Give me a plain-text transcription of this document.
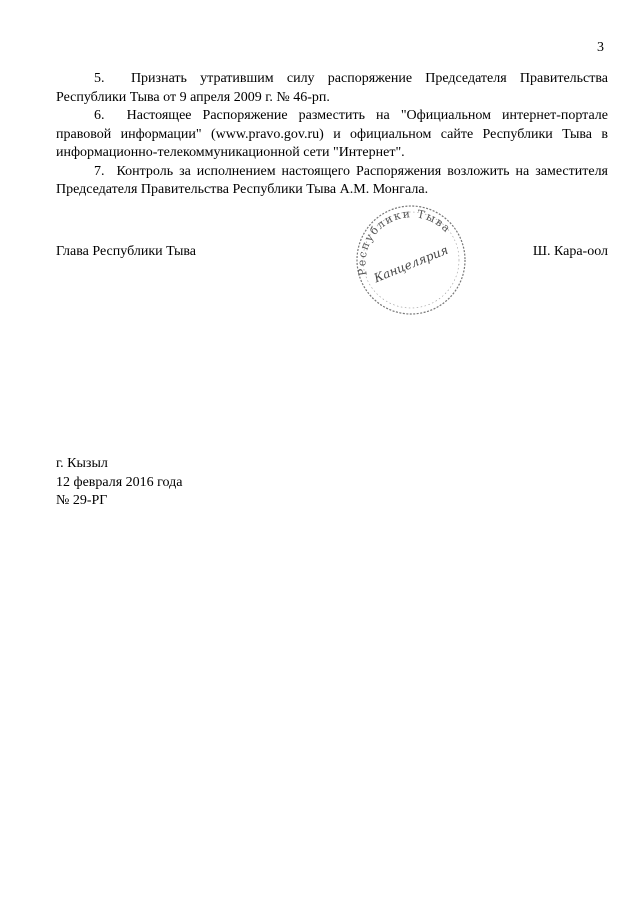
3

5.  Признать утратившим силу распоряжение Председателя Правительства Республики Тыва от 9 апреля 2009 г. № 46-рп.

6.  Настоящее Распоряжение разместить на "Официальном интернет-портале правовой информации" (www.pravo.gov.ru) и официальном сайте Республики Тыва в информационно-телекоммуникационной сети "Интернет".

7.  Контроль за исполнением настоящего Распоряжения возложить на заместителя Председателя Правительства Республики Тыва А.М. Монгала.

Глава Республики Тыва	Ш. Кара-оол
Республики Тыва
Канцелярия
г. Кызыл
12 февраля 2016 года
№ 29-РГ
